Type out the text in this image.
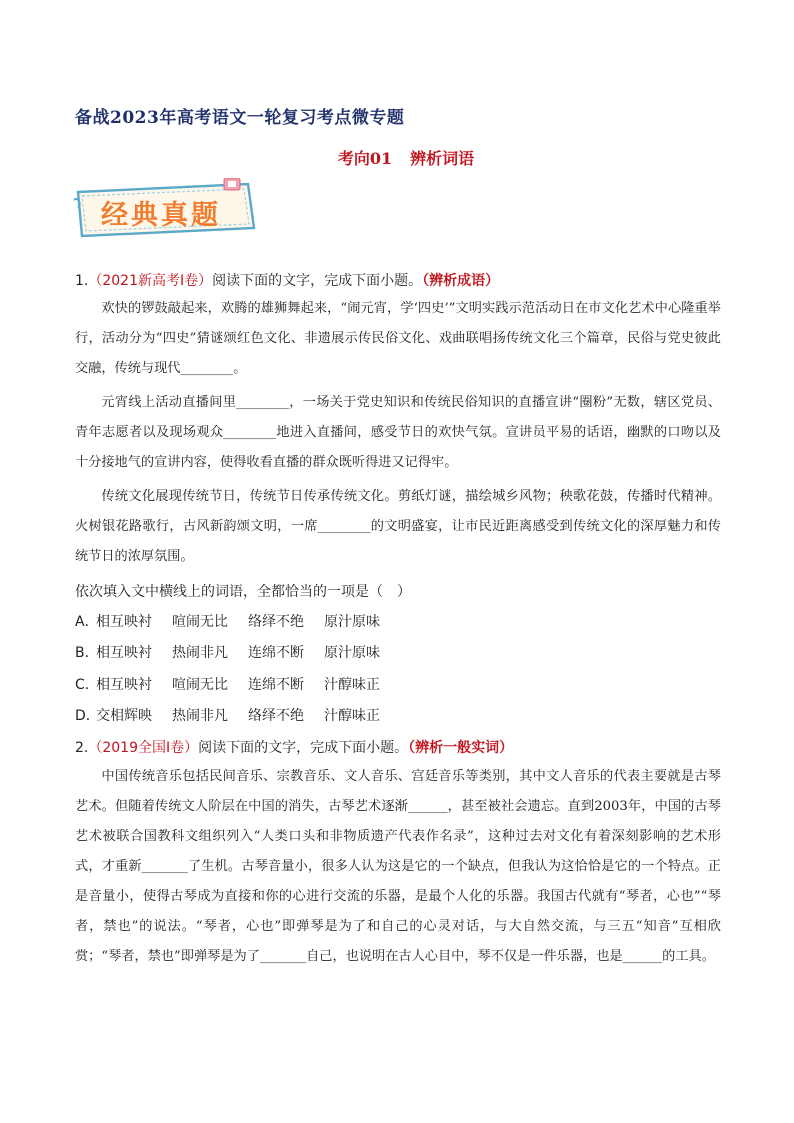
备战2023年高考语文一轮复习考点微专题
考向01 辨析词语
经典真题
1.（2021新高考Ⅰ卷）阅读下面的文字，完成下面小题。（辨析成语）
欢快的锣鼓敲起来，欢腾的雄狮舞起来，“闹元宵，学‘四史’”文明实践示范活动日在市文化艺术中心隆重举行，活动分为“四史”猜谜颂红色文化、非遗展示传民俗文化、戏曲联唱扬传统文化三个篇章，民俗与党史彼此交融，传统与现代________。
元宵线上活动直播间里________，一场关于党史知识和传统民俗知识的直播宣讲“圈粉”无数，辖区党员、青年志愿者以及现场观众________地进入直播间，感受节日的欢快气氛。宣讲员平易的话语，幽默的口吻以及十分接地气的宣讲内容，使得收看直播的群众既听得进又记得牢。
传统文化展现传统节日，传统节日传承传统文化。剪纸灯谜，描绘城乡风物；秧歌花鼓，传播时代精神。火树银花路歌行，古风新韵颂文明，一席________的文明盛宴，让市民近距离感受到传统文化的深厚魅力和传统节日的浓厚氛围。
依次填入文中横线上的词语，全都恰当的一项是（　）
A．相互映衬 喧闹无比 络绎不绝 原汁原味
B．相互映衬 热闹非凡 连绵不断 原汁原味
C．相互映衬 喧闹无比 连绵不断 汁醇味正
D．交相辉映 热闹非凡 络绎不绝 汁醇味正
2.（2019全国Ⅰ卷）阅读下面的文字，完成下面小题。（辨析一般实词）
中国传统音乐包括民间音乐、宗教音乐、文人音乐、宫廷音乐等类别，其中文人音乐的代表主要就是古琴艺术。但随着传统文人阶层在中国的消失，古琴艺术逐渐______，甚至被社会遗忘。直到2003年，中国的古琴艺术被联合国教科文组织列入“人类口头和非物质遗产代表作名录”，这种过去对文化有着深刻影响的艺术形式，才重新_______了生机。古琴音量小，很多人认为这是它的一个缺点，但我认为这恰恰是它的一个特点。正是音量小，使得古琴成为直接和你的心进行交流的乐器，是最个人化的乐器。我国古代就有“琴者，心也”“琴者，禁也”的说法。“琴者，心也”即弹琴是为了和自己的心灵对话，与大自然交流，与三五“知音”互相欣赏；“琴者，禁也”即弹琴是为了_______自己，也说明在古人心目中，琴不仅是一件乐器，也是______的工具。
